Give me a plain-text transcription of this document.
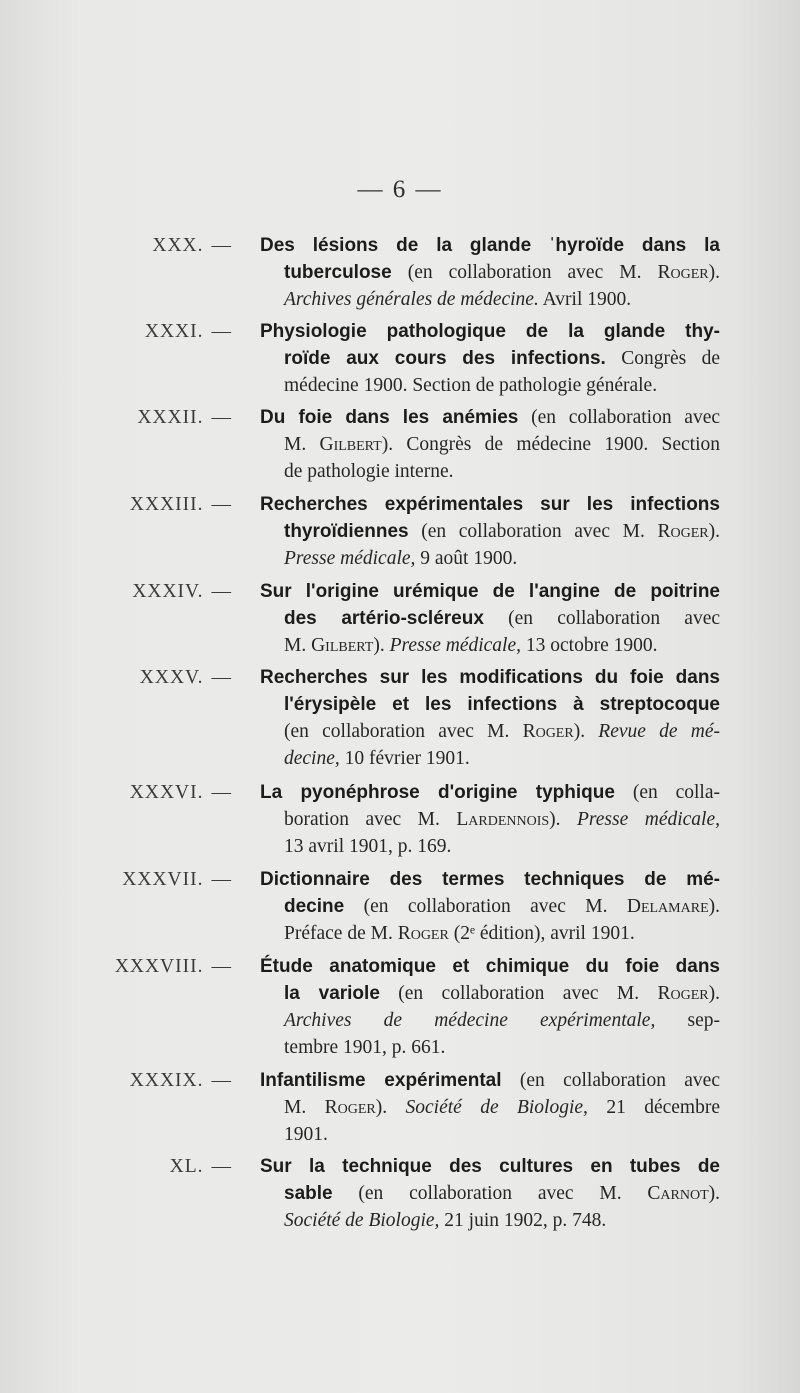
— 6 —
XXX. — Des lésions de la glande ˈhyroïde dans la
tuberculose (en collaboration avec M. Roger).
Archives générales de médecine. Avril 1900.
XXXI. — Physiologie pathologique de la glande thy-
roïde aux cours des infections. Congrès de
médecine 1900. Section de pathologie générale.
XXXII. — Du foie dans les anémies (en collaboration avec
M. Gilbert). Congrès de médecine 1900. Section
de pathologie interne.
XXXIII. — Recherches expérimentales sur les infections
thyroïdiennes (en collaboration avec M. Roger).
Presse médicale, 9 août 1900.
XXXIV. — Sur l'origine urémique de l'angine de poitrine
des artério-scléreux (en collaboration avec
M. Gilbert). Presse médicale, 13 octobre 1900.
XXXV. — Recherches sur les modifications du foie dans
l'érysipèle et les infections à streptocoque
(en collaboration avec M. Roger). Revue de mé-
decine, 10 février 1901.
XXXVI. — La pyonéphrose d'origine typhique (en colla-
boration avec M. Lardennois). Presse médicale,
13 avril 1901, p. 169.
XXXVII. — Dictionnaire des termes techniques de mé-
decine (en collaboration avec M. Delamare).
Préface de M. Roger (2ᵉ édition), avril 1901.
XXXVIII. — Étude anatomique et chimique du foie dans
la variole (en collaboration avec M. Roger).
Archives de médecine expérimentale, sep-
tembre 1901, p. 661.
XXXIX. — Infantilisme expérimental (en collaboration avec
M. Roger). Société de Biologie, 21 décembre
1901.
XL. — Sur la technique des cultures en tubes de
sable (en collaboration avec M. Carnot).
Société de Biologie, 21 juin 1902, p. 748.
